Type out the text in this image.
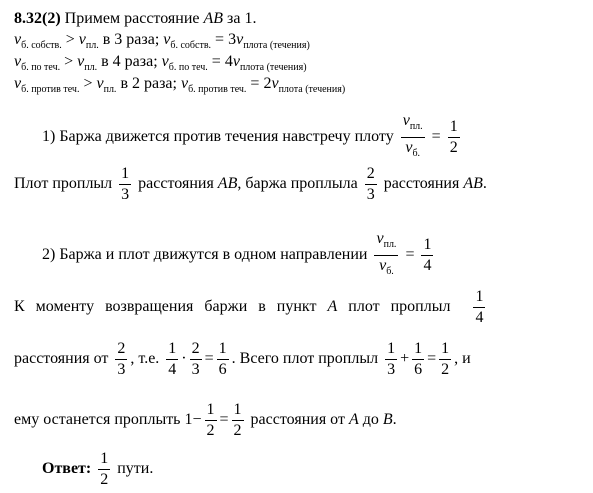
8.32(2) Примем расстояние AB за 1.
$v_{б. собств.} > v_{пл.}$ в 3 раза; $v_{б. собств.} = 3v_{плота (течения)}$
$v_{б. по теч.} > v_{пл.}$ в 4 раза; $v_{б. по теч.} = 4v_{плота (течения)}$
$v_{б. против теч.} > v_{пл.}$ в 2 раза; $v_{б. против теч.} = 2v_{плота (течения)}$
1) Баржа движется против течения навстречу плоту
$v_{пл.}$
$v_{б.}$
= $\frac{1}{2}$
Плот проплыл $\frac{1}{3}$ расстояния AB, баржа проплыла $\frac{2}{3}$ расстояния AB.
2) Баржа и плот движутся в одном направлении
$v_{пл.}$
$v_{б.}$
= $\frac{1}{4}$
К моменту возвращения баржи в пункт A плот проплыл $\frac{1}{4}$
расстояния от $\frac{2}{3}$ , т.е. $\frac{1}{4} \cdot \frac{2}{3} = \frac{1}{6}$ . Всего плот проплыл $\frac{1}{3} + \frac{1}{6} = \frac{1}{2}$ , и
ему останется проплыть $1- \frac{1}{2} = \frac{1}{2}$ расстояния от A до B.
Ответ: $\frac{1}{2}$ пути.
